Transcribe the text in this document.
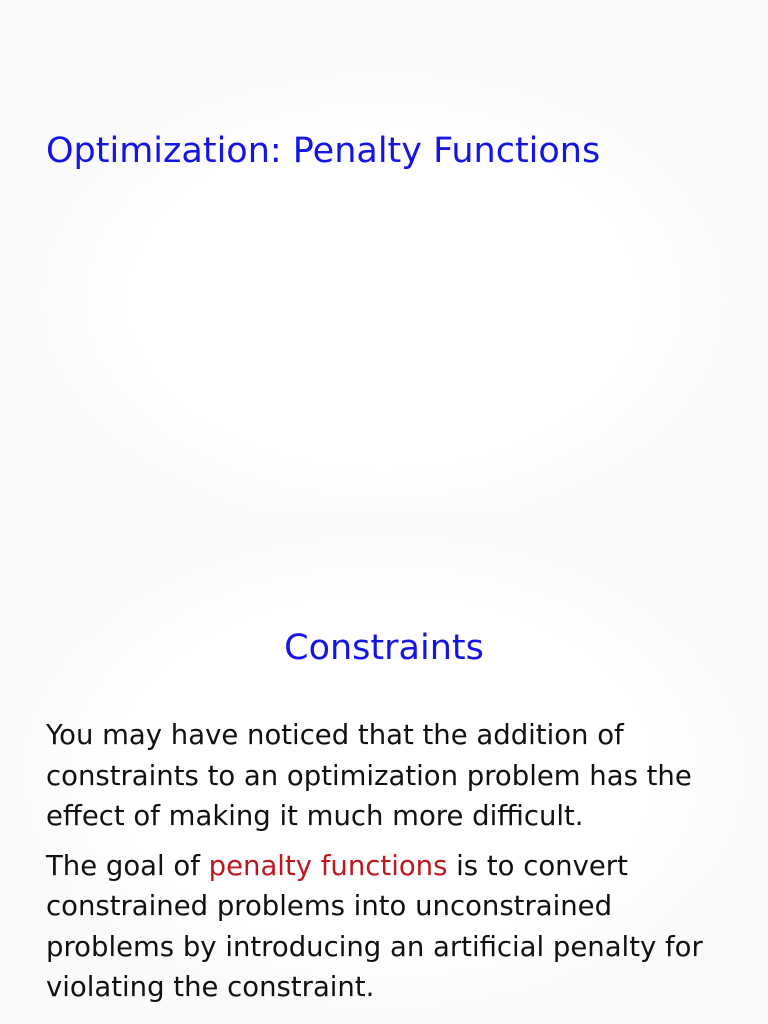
Optimization: Penalty Functions
Constraints

You may have noticed that the addition of constraints to an optimization problem has the effect of making it much more difficult.

The goal of penalty functions is to convert constrained problems into unconstrained problems by introducing an artificial penalty for violating the constraint.
